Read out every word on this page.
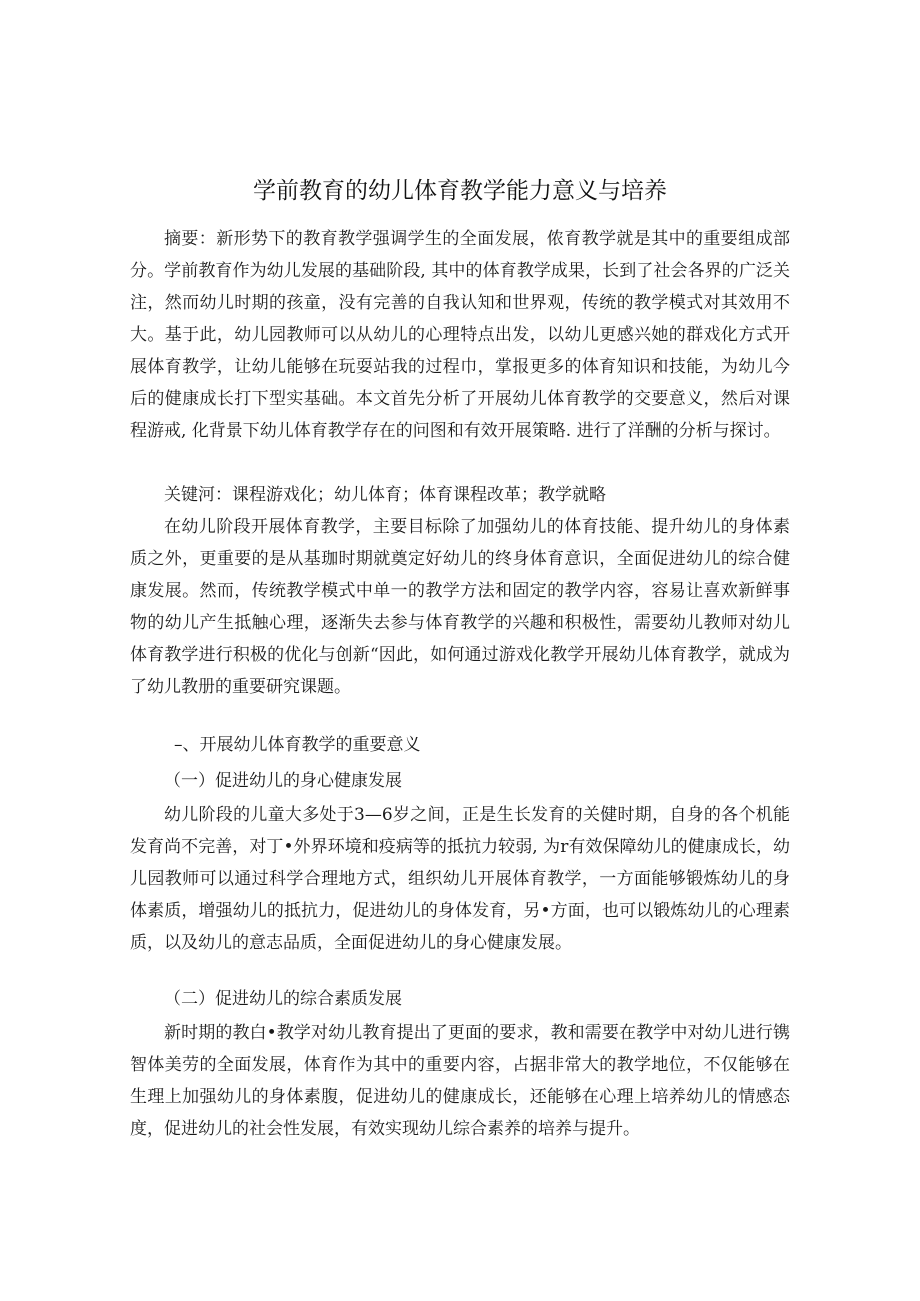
学前教育的幼儿体育教学能力意义与培养
摘要：新形势下的教育教学强调学生的全面发展，侬育教学就是其中的重要组成部分。学前教育作为幼儿发展的基础阶段, 其中的体育教学成果，长到了社会各界的广泛关注，然而幼儿时期的孩童，没有完善的自我认知和世界观，传统的教学模式对其效用不大。基于此，幼儿园教师可以从幼儿的心理特点出发，以幼儿更感兴她的群戏化方式开展体育教学，让幼儿能够在玩耍站我的过程巾，掌报更多的体育知识和技能，为幼儿今后的健康成长打下型实基础。本文首先分析了开展幼儿体育教学的交要意义，然后对课程游戒, 化背景下幼儿体育教学存在的问图和有效开展策略. 进行了洋酬的分析与探讨。
关键河：课程游戏化；幼儿体育；体育课程改革；教学就略
在幼儿阶段开展体育教学，主要目标除了加强幼儿的体育技能、提升幼儿的身体素质之外，更重要的是从基珈时期就奠定好幼儿的终身体育意识，全面促进幼儿的综合健康发展。然而，传统教学模式中单一的教学方法和固定的教学内容，容易让喜欢新鲜事物的幼儿产生抵触心理，逐渐失去参与体育教学的兴趣和积极性，需要幼儿教师对幼儿体育教学进行积极的优化与创新“因此，如何通过游戏化教学开展幼儿体育教学，就成为了幼儿教册的重要研究课题。
–、开展幼儿体育教学的重要意义
（一）促进幼儿的身心健康发展
幼儿阶段的儿童大多处于3—6岁之间，正是生长发育的关健时期，自身的各个机能发育尚不完善，对丁•外界环境和疫病等的抵抗力较弱, 为r有效保障幼儿的健康成长，幼儿园教师可以通过科学合理地方式，组织幼儿开展体育教学，一方面能够锻炼幼儿的身体素质，增强幼儿的抵抗力，促进幼儿的身体发育，另•方面，也可以锻炼幼儿的心理素质，以及幼儿的意志品质，全面促进幼儿的身心健康发展。
（二）促进幼儿的综合素质发展
新时期的教白•教学对幼儿教育提出了更面的要求，教和需要在教学中对幼儿进行镌智体美劳的全面发展，体育作为其中的重要内容，占据非常大的教学地位，不仅能够在生理上加强幼儿的身体素腹，促进幼儿的健康成长，还能够在心理上培养幼儿的情感态度，促进幼儿的社会性发展，有效实现幼儿综合素养的培养与提升。
